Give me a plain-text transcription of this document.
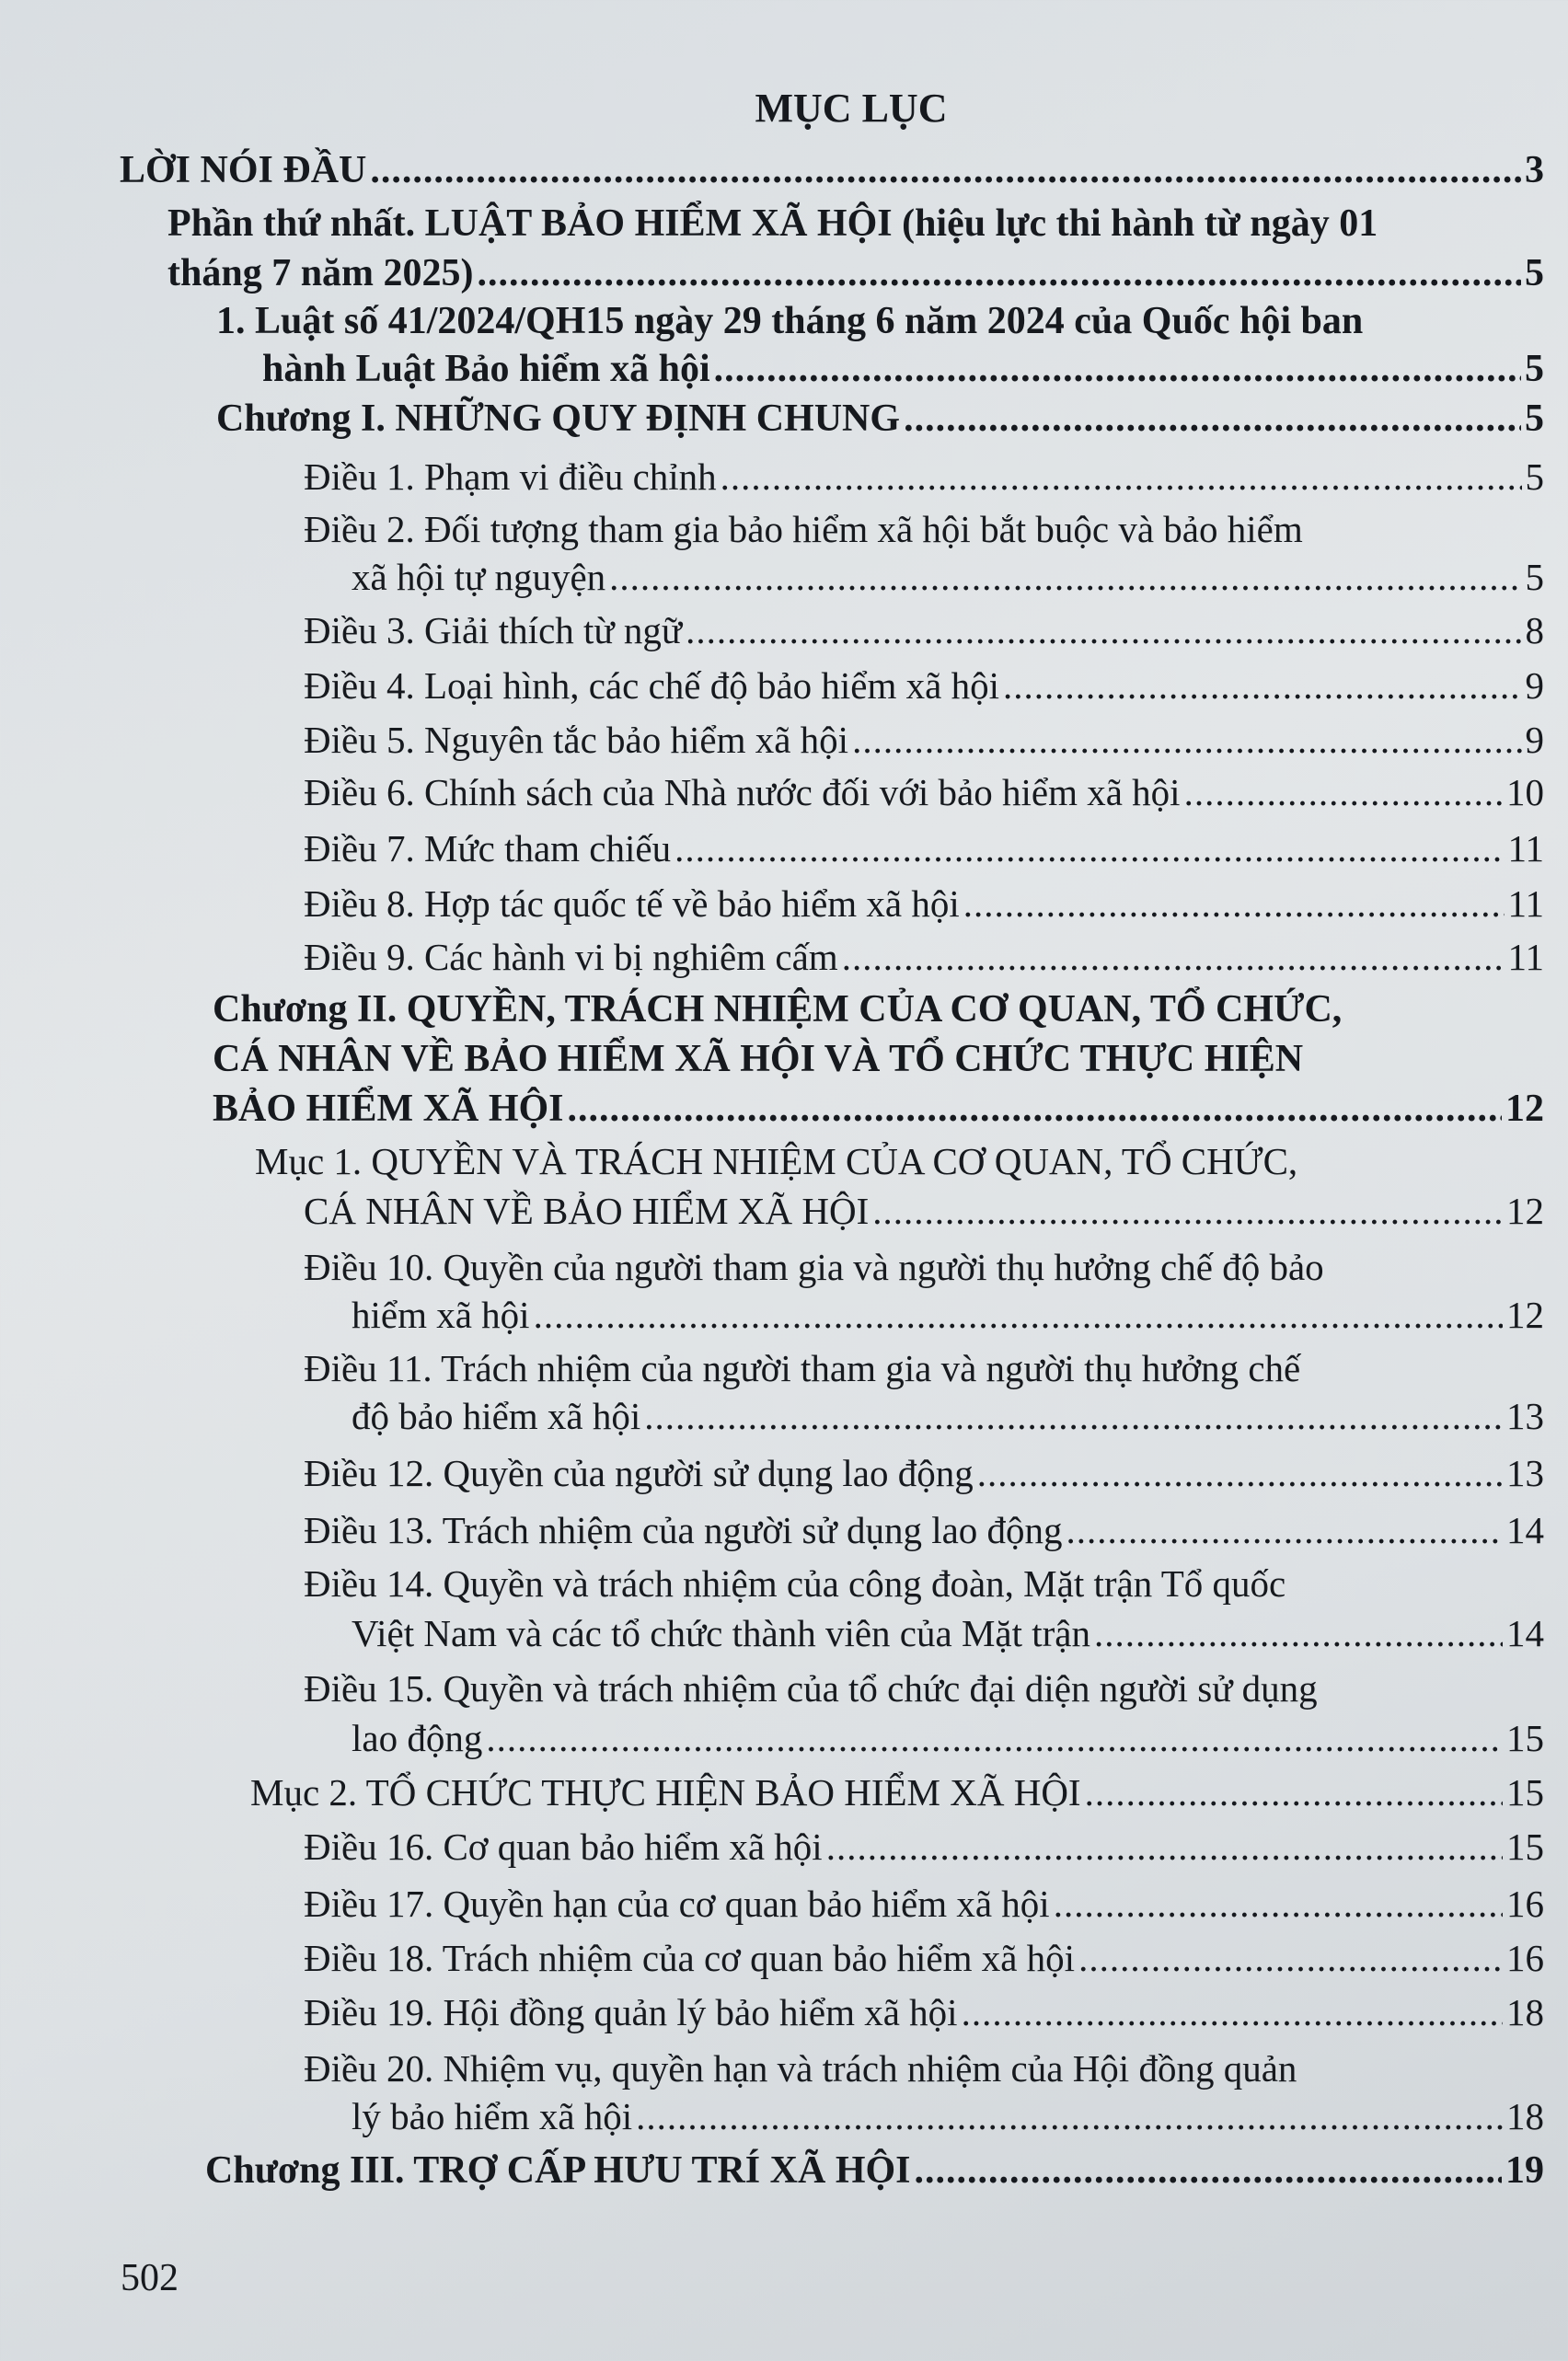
MỤC LỤC
LỜI NÓI ĐẦU .....	3
Phần thứ nhất. LUẬT BẢO HIỂM XÃ HỘI (hiệu lực thi hành từ ngày 01
tháng 7 năm 2025) .....	5
1. Luật số 41/2024/QH15 ngày 29 tháng 6 năm 2024 của Quốc hội ban
hành Luật Bảo hiểm xã hội .....	5
Chương I. NHỮNG QUY ĐỊNH CHUNG .....	5
Điều 1. Phạm vi điều chỉnh .....	5
Điều 2. Đối tượng tham gia bảo hiểm xã hội bắt buộc và bảo hiểm
xã hội tự nguyện .....	5
Điều 3. Giải thích từ ngữ .....	8
Điều 4. Loại hình, các chế độ bảo hiểm xã hội .....	9
Điều 5. Nguyên tắc bảo hiểm xã hội .....	9
Điều 6. Chính sách của Nhà nước đối với bảo hiểm xã hội .....	10
Điều 7. Mức tham chiếu .....	11
Điều 8. Hợp tác quốc tế về bảo hiểm xã hội .....	11
Điều 9. Các hành vi bị nghiêm cấm .....	11
Chương II. QUYỀN, TRÁCH NHIỆM CỦA CƠ QUAN, TỔ CHỨC,
CÁ NHÂN VỀ BẢO HIỂM XÃ HỘI VÀ TỔ CHỨC THỰC HIỆN
BẢO HIỂM XÃ HỘI .....	12
Mục 1. QUYỀN VÀ TRÁCH NHIỆM CỦA CƠ QUAN, TỔ CHỨC,
CÁ NHÂN VỀ BẢO HIỂM XÃ HỘI .....	12
Điều 10. Quyền của người tham gia và người thụ hưởng chế độ bảo
hiểm xã hội .....	12
Điều 11. Trách nhiệm của người tham gia và người thụ hưởng chế
độ bảo hiểm xã hội .....	13
Điều 12. Quyền của người sử dụng lao động .....	13
Điều 13. Trách nhiệm của người sử dụng lao động .....	14
Điều 14. Quyền và trách nhiệm của công đoàn, Mặt trận Tổ quốc
Việt Nam và các tổ chức thành viên của Mặt trận .....	14
Điều 15. Quyền và trách nhiệm của tổ chức đại diện người sử dụng
lao động .....	15
Mục 2. TỔ CHỨC THỰC HIỆN BẢO HIỂM XÃ HỘI .....	15
Điều 16. Cơ quan bảo hiểm xã hội .....	15
Điều 17. Quyền hạn của cơ quan bảo hiểm xã hội .....	16
Điều 18. Trách nhiệm của cơ quan bảo hiểm xã hội .....	16
Điều 19. Hội đồng quản lý bảo hiểm xã hội .....	18
Điều 20. Nhiệm vụ, quyền hạn và trách nhiệm của Hội đồng quản
lý bảo hiểm xã hội .....	18
Chương III. TRỢ CẤP HƯU TRÍ XÃ HỘI .....	19
502
